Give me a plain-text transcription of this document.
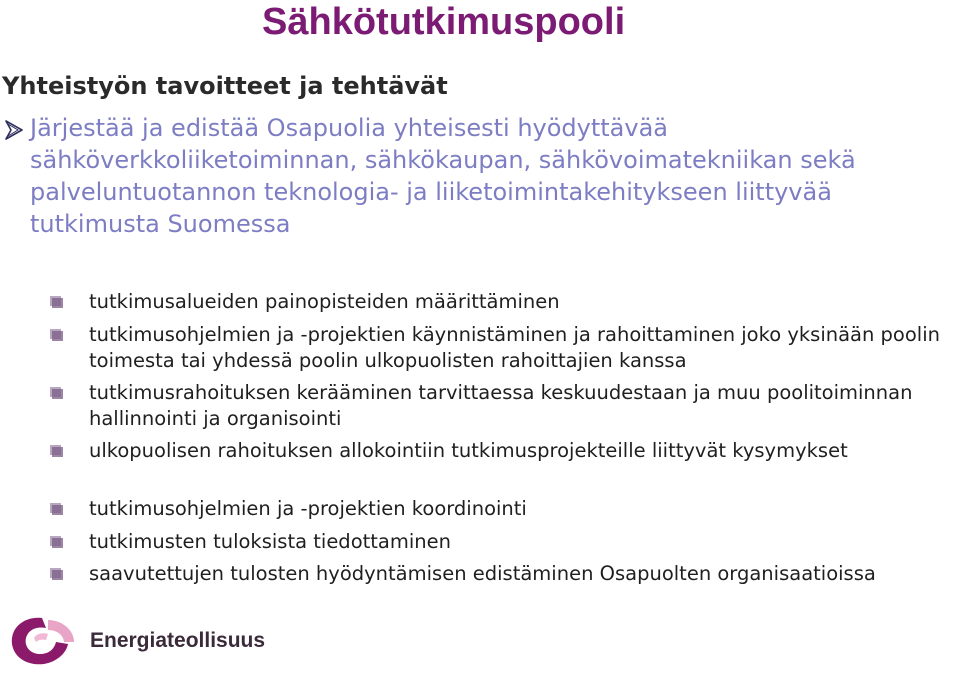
Sähkötutkimuspooli
Yhteistyön tavoitteet ja tehtävät
Järjestää ja edistää Osapuolia yhteisesti hyödyttävää sähköverkkoliiketoiminnan, sähkökaupan, sähkövoimatekniikan sekä palveluntuotannon teknologia- ja liiketoimintakehitykseen liittyvää tutkimusta Suomessa
tutkimusalueiden painopisteiden määrittäminen
tutkimusohjelmien ja -projektien käynnistäminen ja rahoittaminen joko yksinään poolin toimesta tai yhdessä poolin ulkopuolisten rahoittajien kanssa
tutkimusrahoituksen kerääminen tarvittaessa keskuudestaan ja muu poolitoiminnan hallinnointi ja organisointi
ulkopuolisen rahoituksen allokointiin tutkimusprojekteille liittyvät kysymykset
tutkimusohjelmien ja -projektien koordinointi
tutkimusten tuloksista tiedottaminen
saavutettujen tulosten hyödyntämisen edistäminen Osapuolten organisaatioissa
Energiateollisuus
